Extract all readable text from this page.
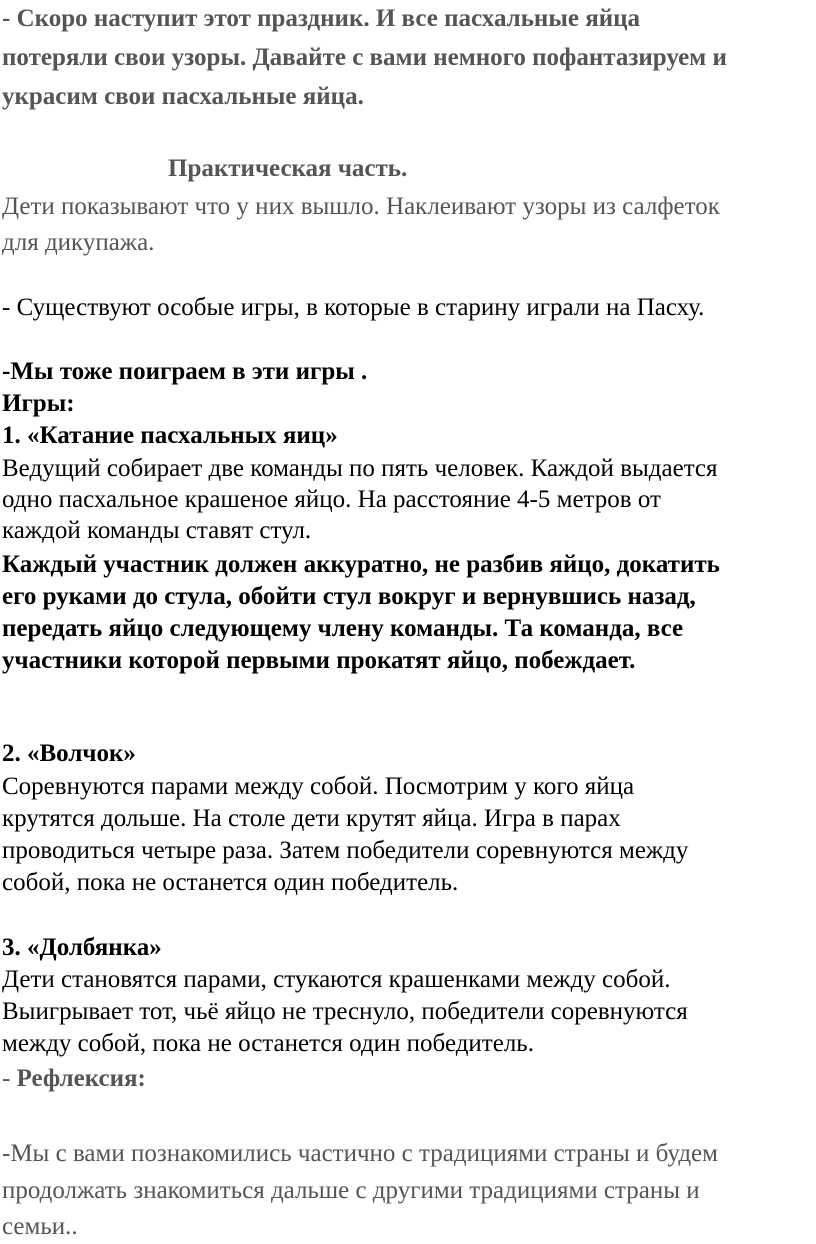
- Скоро наступит этот праздник. И все пасхальные яйца

потеряли свои узоры. Давайте с вами немного пофантазируем и

украсим свои пасхальные яйца.

Практическая часть.

Дети показывают что у них вышло. Наклеивают узоры из салфеток

для дикупажа.

- Существуют особые игры, в которые в старину играли на Пасху.

-Мы тоже поиграем в эти игры .

Игры:

1. «Катание пасхальных яиц»

Ведущий собирает две команды по пять человек. Каждой выдается

одно пасхальное крашеное яйцо. На расстояние 4-5 метров от

каждой команды ставят стул.

Каждый участник должен аккуратно, не разбив яйцо, докатить

его руками до стула, обойти стул вокруг и вернувшись назад,

передать яйцо следующему члену команды. Та команда, все

участники которой первыми прокатят яйцо, побеждает.

2. «Волчок»

Соревнуются парами между собой. Посмотрим у кого яйца

крутятся дольше. На столе дети крутят яйца. Игра в парах

проводиться четыре раза. Затем победители соревнуются между

собой, пока не останется один победитель.

3. «Долбянка»

Дети становятся парами, стукаются крашенками между собой.

Выигрывает тот, чьё яйцо не треснуло, победители соревнуются

между собой, пока не останется один победитель.

- Рефлексия:

-Мы с вами познакомились частично с традициями страны и будем

продолжать знакомиться дальше с другими традициями страны и

семьи..
